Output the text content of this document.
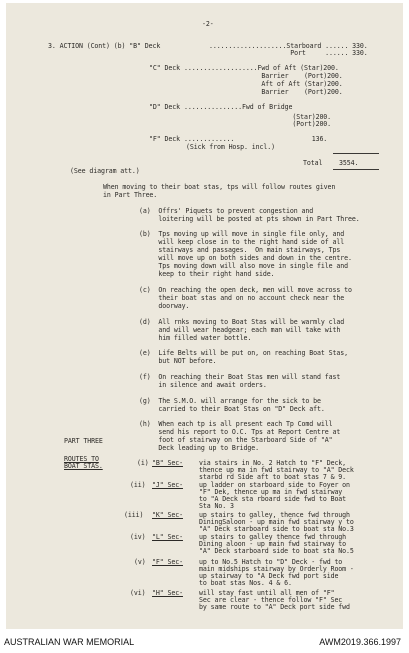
-2-
3. ACTION (Cont) (b) "B" Deck	....................Starboard ...... 330.
Port     ...... 330.
"C" Deck ...................Fwd of Aft (Star)200.
Barrier    (Port)200.
Aft of Aft (Star)200.
Barrier    (Port)200.
"D" Deck ...............Fwd of Bridge
(Star)200.
(Port)200.
"F" Deck .............                    136.
(Sick from Hosp. incl.)
Total	3554.
(See diagram att.)
When moving to their boat stas, tps will follow routes given
in Part Three.
(a)  Offrs' Piquets to prevent congestion and
loitering will be posted at pts shown in Part Three.
(b)  Tps moving up will move in single file only, and
will keep close in to the right hand side of all
stairways and passages.  On main stairways, Tps
will move up on both sides and down in the centre.
Tps moving down will also move in single file and
keep to their right hand side.
(c)  On reaching the open deck, men will move across to
their boat stas and on no account check near the
doorway.
(d)  All rnks moving to Boat Stas will be warmly clad
and will wear headgear; each man will take with
him filled water bottle.
(e)  Life Belts will be put on, on reaching Boat Stas,
but NOT before.
(f)  On reaching their Boat Stas men will stand fast
in silence and await orders.
(g)  The S.M.O. will arrange for the sick to be
carried to their Boat Stas on "D" Deck aft.
(h)  When each tp is all present each Tp Comd will
send his report to O.C. Tps at Report Centre at
foot of stairway on the Starboard Side of "A"
Deck leading up to Bridge.
PART THREE
ROUTES TO
BOAT STAS.	(i) "B" Sec- via stairs in No. 2 Hatch to "F" Deck,
thence up ma in fwd stairway to "A" Deck
starbd rd Side aft to boat stas 7 & 9.
(ii) "J" Sec- up ladder on starboard side to Foyer on
"F" Dek, thence up ma in fwd stairway
to "A Deck sta rboard side fwd to Boat
Sta No. 3
(iii) "K" Sec- up stairs to galley, thence fwd through
DiningSaloon - up main fwd stairway y to
"A" Deck starboard side to boat sta No.3
(iv) "L" Sec- up stairs to galley thence fwd through
Dining aloon - up main fwd stairway to
"A" Deck starboard side to boat sta No.5
(v) "F" Sec- up to No.5 Hatch to "D" Deck - fwd to
main midships stairway by Orderly Room -
up stairway to "A Deck fwd port side
to boat stas Nos. 4 & 6.
(vi) "H" Sec- will stay fast until all men of "F"
Sec are clear - thence follow "F" Sec
by same route to "A" Deck port side fwd
AUSTRALIAN WAR MEMORIAL	AWM2019.366.1997
